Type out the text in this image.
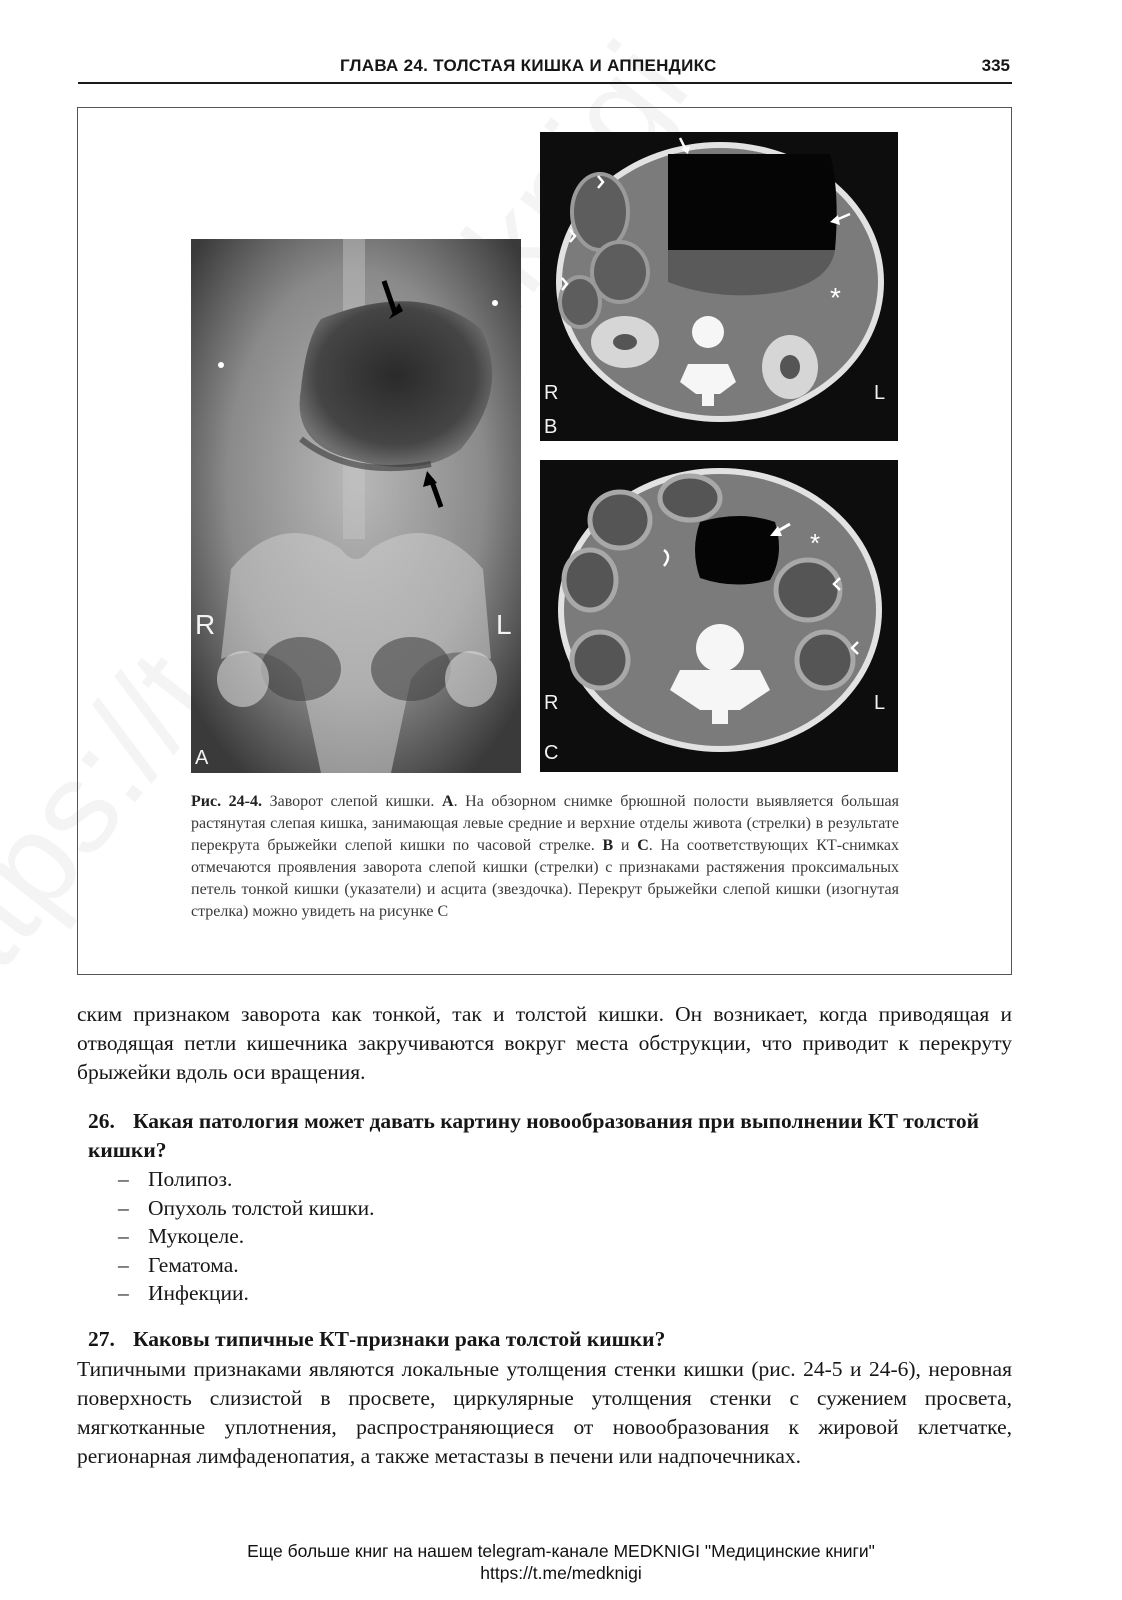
ГЛАВА 24. ТОЛСТАЯ КИШКА И АППЕНДИКС	335
R	L
A
*
R	L
B
*
R	L
C

Рис. 24-4. Заворот слепой кишки. А. На обзорном снимке брюшной полости выявляется большая растянутая слепая кишка, занимающая левые средние и верхние отделы живота (стрелки) в результате перекрута брыжейки слепой кишки по часовой стрелке. В и С. На соответствующих КТ-снимках отмечаются проявления заворота слепой кишки (стрелки) с признаками растяжения проксимальных петель тонкой кишки (указатели) и асцита (звездочка). Перекрут брыжейки слепой кишки (изогнутая стрелка) можно увидеть на рисунке С

ским признаком заворота как тонкой, так и толстой кишки. Он возникает, когда приводящая и отводящая петли кишечника закручиваются вокруг места обструкции, что приводит к перекруту брыжейки вдоль оси вращения.

26. Какая патология может давать картину новообразования при выполнении КТ толстой кишки?
– Полипоз.
– Опухоль толстой кишки.
– Мукоцеле.
– Гематома.
– Инфекции.
27. Каковы типичные КТ-признаки рака толстой кишки?

Типичными признаками являются локальные утолщения стенки кишки (рис. 24-5 и 24-6), неровная поверхность слизистой в просвете, циркулярные утолщения стенки с сужением просвета, мягкотканные уплотнения, распространяющиеся от новообразования к жировой клетчатке, регионарная лимфаденопатия, а также метастазы в печени или надпочечниках.

Еще больше книг на нашем telegram-канале MEDKNIGI "Медицинские книги"
https://t.me/medknigi
